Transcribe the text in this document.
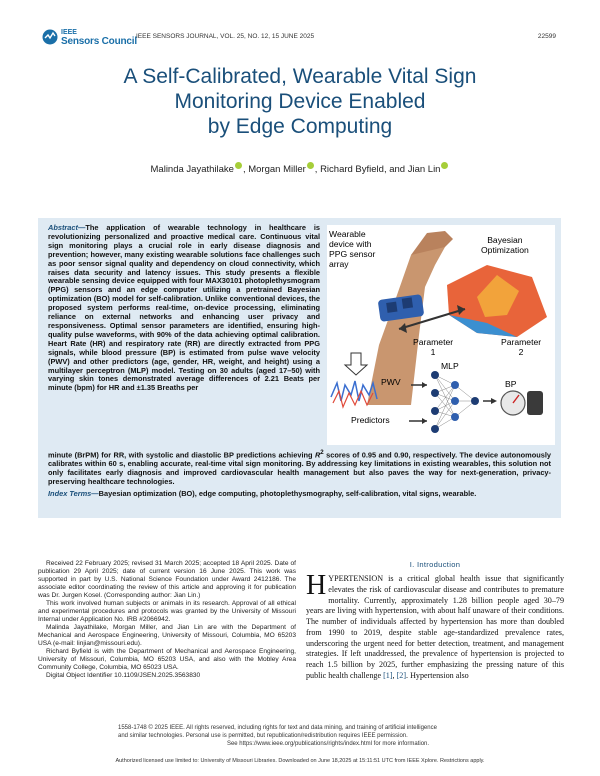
IEEE
Sensors Council IEEE SENSORS JOURNAL, VOL. 25, NO. 12, 15 JUNE 2025	22599
A Self-Calibrated, Wearable Vital Sign
Monitoring Device Enabled
by Edge Computing
Malinda Jayathilake , Morgan Miller , Richard Byfield, and Jian Lin
Abstract—The application of wearable technology in healthcare is revolutionizing personalized and proactive medical care. Continuous vital sign monitoring plays a crucial role in early disease diagnosis and prevention; however, many existing wearable solutions face challenges such as poor sensor signal quality and dependency on cloud connectivity, which raises data security and latency issues. This study presents a flexible wearable sensing device equipped with four MAX30101 photoplethysmogram (PPG) sensors and an edge computer utilizing a pretrained Bayesian optimization (BO) model for self-calibration. Unlike conventional devices, the proposed system performs real-time, on-device processing, eliminating reliance on external networks and enhancing user privacy and responsiveness. Optimal sensor parameters are identified, ensuring high-quality pulse waveforms, with 90% of the data achieving optimal calibration. Heart Rate (HR) and respiratory rate (RR) are directly extracted from PPG signals, while blood pressure (BP) is estimated from pulse wave velocity (PWV) and other predictors (age, gender, HR, weight, and height) using a multilayer perceptron (MLP) model. Testing on 30 adults (aged 17–50) with varying skin tones demonstrated average differences of 2.21 Beats per minute (bpm) for HR and ±1.35 Breaths per
Wearable
device with
PPG sensor
array
Bayesian
Optimization
Parameter
1
Parameter
2
PWV
MLP
BP
Predictors
minute (BrPM) for RR, with systolic and diastolic BP predictions achieving $R^2$ scores of 0.95 and 0.90, respectively. The device autonomously calibrates within 60 s, enabling accurate, real-time vital sign monitoring. By addressing key limitations in existing wearables, this solution not only facilitates early diagnosis and improved cardiovascular health management but also paves the way for next-generation, privacy-preserving healthcare technologies.
Index Terms—Bayesian optimization (BO), edge computing, photoplethysmography, self-calibration, vital signs, wearable.

Received 22 February 2025; revised 31 March 2025; accepted 18 April 2025. Date of publication 29 April 2025; date of current version 16 June 2025. This work was supported in part by U.S. National Science Foundation under Award 2412186. The associate editor coordinating the review of this article and approving it for publication was Dr. Jurgen Kosel. (Corresponding author: Jian Lin.)

This work involved human subjects or animals in its research. Approval of all ethical and experimental procedures and protocols was granted by the University of Missouri Internal under Application No. IRB #2066942.

Malinda Jayathilake, Morgan Miller, and Jian Lin are with the Department of Mechanical and Aerospace Engineering, University of Missouri, Columbia, MO 65203 USA (e-mail: linjian@missouri.edu).

Richard Byfield is with the Department of Mechanical and Aerospace Engineering, University of Missouri, Columbia, MO 65203 USA, and also with the Mobley Area Community College, Columbia, MO 65023 USA.

Digital Object Identifier 10.1109/JSEN.2025.3563830

I. Introduction
HYPERTENSION is a critical global health issue that significantly elevates the risk of cardiovascular disease and contributes to premature mortality. Currently, approximately 1.28 billion people aged 30–79 years are living with hypertension, with about half unaware of their conditions. The number of individuals affected by hypertension has more than doubled from 1990 to 2019, despite stable age-standardized prevalence rates, underscoring the urgent need for better detection, treatment, and management strategies. If left unaddressed, the prevalence of hypertension is projected to reach 1.5 billion by 2025, further emphasizing the pressing nature of this public health challenge [1], [2]. Hypertension also
1558-1748 © 2025 IEEE. All rights reserved, including rights for text and data mining, and training of artificial intelligence
and similar technologies. Personal use is permitted, but republication/redistribution requires IEEE permission.
See https://www.ieee.org/publications/rights/index.html for more information.
Authorized licensed use limited to: University of Missouri Libraries. Downloaded on June 18,2025 at 15:11:51 UTC from IEEE Xplore. Restrictions apply.
